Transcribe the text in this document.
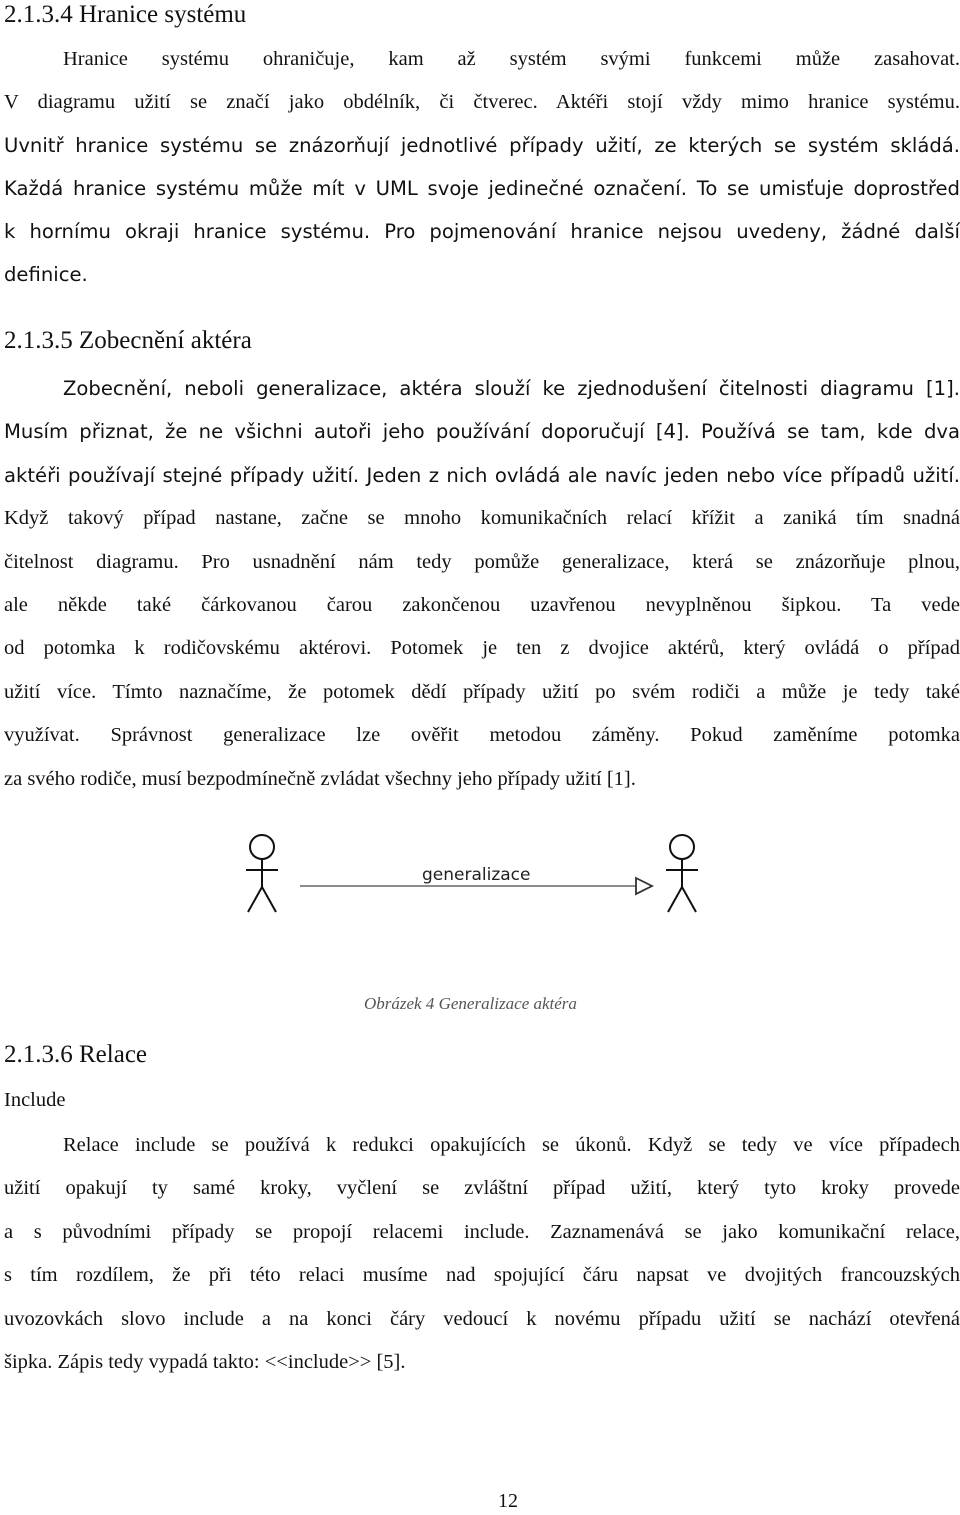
2.1.3.4 Hranice systému
Hranice systému ohraničuje, kam až systém svými funkcemi může zasahovat.
V diagramu užití se značí jako obdélník, či čtverec. Aktéři stojí vždy mimo hranice systému.
Uvnitř hranice systému se znázorňují jednotlivé případy užití, ze kterých se systém skládá.
Každá hranice systému může mít v UML svoje jedinečné označení. To se umisťuje doprostřed
k hornímu okraji hranice systému. Pro pojmenování hranice nejsou uvedeny, žádné další
definice.
2.1.3.5 Zobecnění aktéra
Zobecnění, neboli generalizace, aktéra slouží ke zjednodušení čitelnosti diagramu [1].
Musím přiznat, že ne všichni autoři jeho používání doporučují [4]. Používá se tam, kde dva
aktéři používají stejné případy užití. Jeden z nich ovládá ale navíc jeden nebo více případů užití.
Když takový případ nastane, začne se mnoho komunikačních relací křížit a zaniká tím snadná
čitelnost diagramu. Pro usnadnění nám tedy pomůže generalizace, která se znázorňuje plnou,
ale někde také čárkovanou čarou zakončenou uzavřenou nevyplněnou šipkou. Ta vede
od potomka k rodičovskému aktérovi. Potomek je ten z dvojice aktérů, který ovládá o případ
užití více. Tímto naznačíme, že potomek dědí případy užití po svém rodiči a může je tedy také
využívat. Správnost generalizace lze ověřit metodou záměny. Pokud zaměníme potomka
za svého rodiče, musí bezpodmínečně zvládat všechny jeho případy užití [1].
generalizace
Obrázek 4 Generalizace aktéra
2.1.3.6 Relace
Include
Relace include se používá k redukci opakujících se úkonů. Když se tedy ve více případech
užití opakují ty samé kroky, vyčlení se zvláštní případ užití, který tyto kroky provede
a s původními případy se propojí relacemi include. Zaznamenává se jako komunikační relace,
s tím rozdílem, že při této relaci musíme nad spojující čáru napsat ve dvojitých francouzských
uvozovkách slovo include a na konci čáry vedoucí k novému případu užití se nachází otevřená
šipka. Zápis tedy vypadá takto: <<include>> [5].
12
